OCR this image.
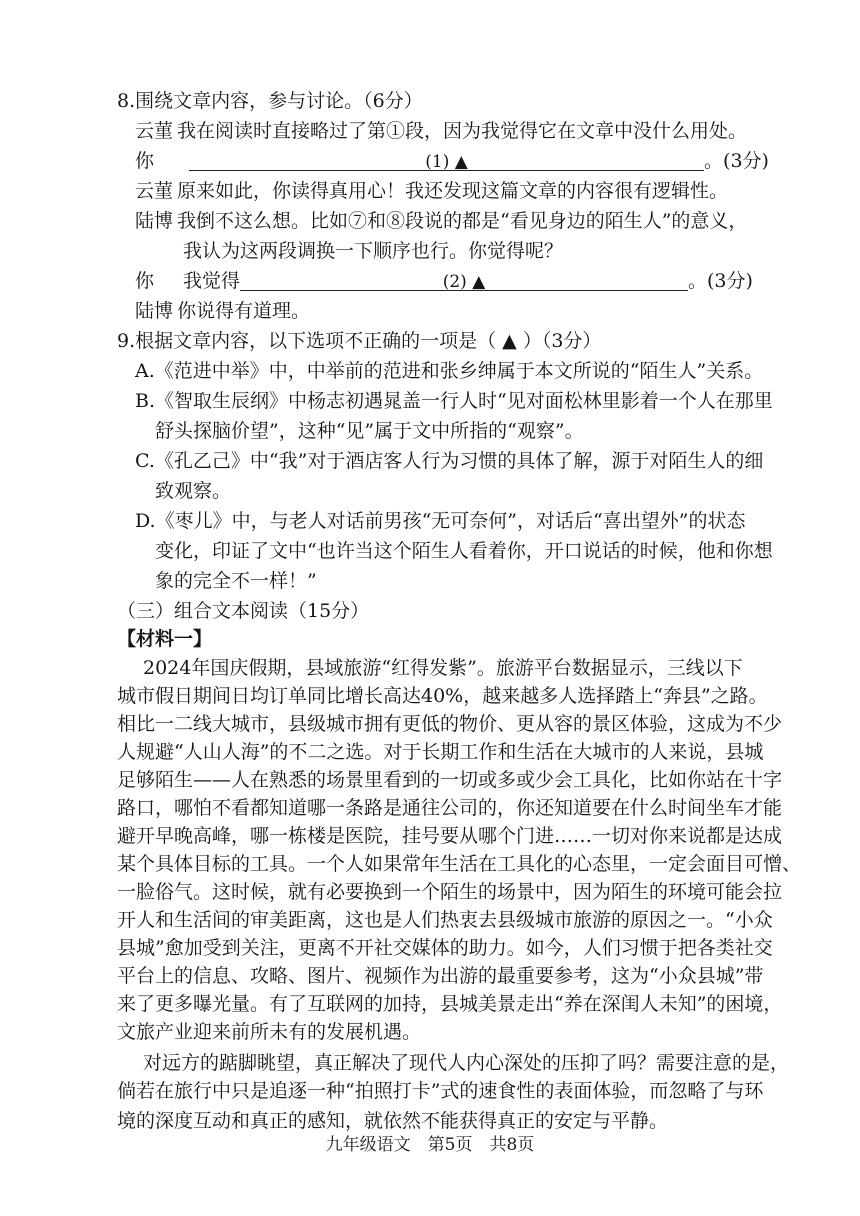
8.围绕文章内容，参与讨论。（6分）
云菫 我在阅读时直接略过了第①段，因为我觉得它在文章中没什么用处。
你	(1) ▲	。(3分)
云菫 原来如此，你读得真用心！我还发现这篇文章的内容很有逻辑性。
陆博 我倒不这么想。比如⑦和⑧段说的都是“看见身边的陌生人”的意义，
我认为这两段调换一下顺序也行。你觉得呢？
你 我觉得	(2) ▲	。(3分)
陆博 你说得有道理。
9.根据文章内容，以下选项不正确的一项是（ ▲ ）（3分）
A.《范进中举》中，中举前的范进和张乡绅属于本文所说的“陌生人”关系。
B.《智取生辰纲》中杨志初遇晁盖一行人时“见对面松林里影着一个人在那里
舒头探脑价望”，这种“见”属于文中所指的“观察”。
C.《孔乙己》中“我”对于酒店客人行为习惯的具体了解，源于对陌生人的细
致观察。
D.《枣儿》中，与老人对话前男孩“无可奈何”，对话后“喜出望外”的状态
变化，印证了文中“也许当这个陌生人看着你，开口说话的时候，他和你想
象的完全不一样！”
（三）组合文本阅读（15分）
【材料一】
2024年国庆假期，县域旅游“红得发紫”。旅游平台数据显示，三线以下
城市假日期间日均订单同比增长高达40%，越来越多人选择踏上“奔县”之路。
相比一二线大城市，县级城市拥有更低的物价、更从容的景区体验，这成为不少
人规避“人山人海”的不二之选。对于长期工作和生活在大城市的人来说，县城
足够陌生——人在熟悉的场景里看到的一切或多或少会工具化，比如你站在十字
路口，哪怕不看都知道哪一条路是通往公司的，你还知道要在什么时间坐车才能
避开早晚高峰，哪一栋楼是医院，挂号要从哪个门进……一切对你来说都是达成
某个具体目标的工具。一个人如果常年生活在工具化的心态里，一定会面目可憎、
一脸俗气。这时候，就有必要换到一个陌生的场景中，因为陌生的环境可能会拉
开人和生活间的审美距离，这也是人们热衷去县级城市旅游的原因之一。“小众
县城”愈加受到关注，更离不开社交媒体的助力。如今，人们习惯于把各类社交
平台上的信息、攻略、图片、视频作为出游的最重要参考，这为“小众县城”带
来了更多曝光量。有了互联网的加持，县城美景走出“养在深闺人未知”的困境，
文旅产业迎来前所未有的发展机遇。
对远方的踮脚眺望，真正解决了现代人内心深处的压抑了吗？需要注意的是，
倘若在旅行中只是追逐一种“拍照打卡”式的速食性的表面体验，而忽略了与环
境的深度互动和真正的感知，就依然不能获得真正的安定与平静。
九年级语文　第5页　共8页
